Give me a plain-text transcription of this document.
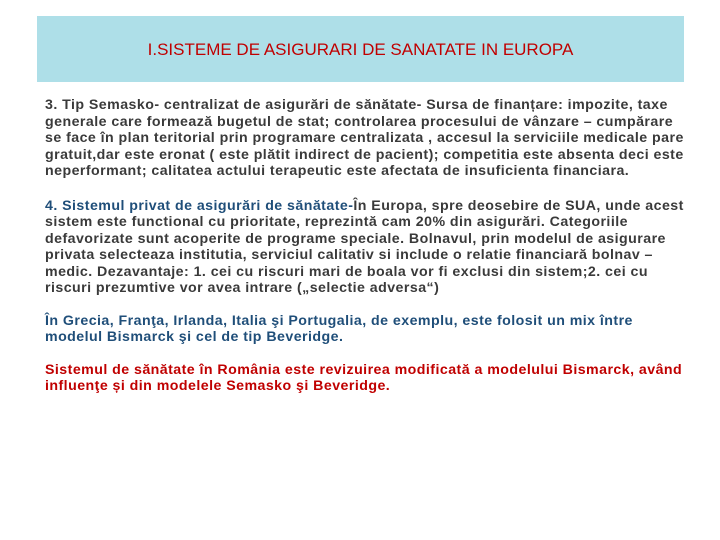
I.SISTEME DE ASIGURARI DE SANATATE IN EUROPA

3. Tip Semasko- centralizat de asigurări de sănătate- Sursa de finanțare: impozite, taxe generale care formează bugetul de stat; controlarea procesului de vânzare – cumpărare se face în plan teritorial prin programare centralizata , accesul la serviciile medicale pare gratuit,dar este eronat ( este plătit indirect de pacient); competitia este absenta deci este neperformant; calitatea actului terapeutic este afectata de insuficienta financiara.

4. Sistemul privat de asigurări de sănătate-În Europa, spre deosebire de SUA, unde acest sistem este functional cu prioritate, reprezintă cam 20% din asigurări. Categoriile defavorizate sunt acoperite de programe speciale. Bolnavul, prin modelul de asigurare privata selecteaza institutia, serviciul calitativ si include o relatie financiară bolnav – medic. Dezavantaje: 1. cei cu riscuri mari de boala vor fi exclusi din sistem;2. cei cu riscuri prezumtive vor avea intrare („selectie adversa“)

În Grecia, Franţa, Irlanda, Italia şi Portugalia, de exemplu, este folosit un mix între modelul Bismarck şi cel de tip Beveridge.

Sistemul de sănătate în România este revizuirea modificată a modelului Bismarck, având influenţe și din modelele Semasko şi Beveridge.
